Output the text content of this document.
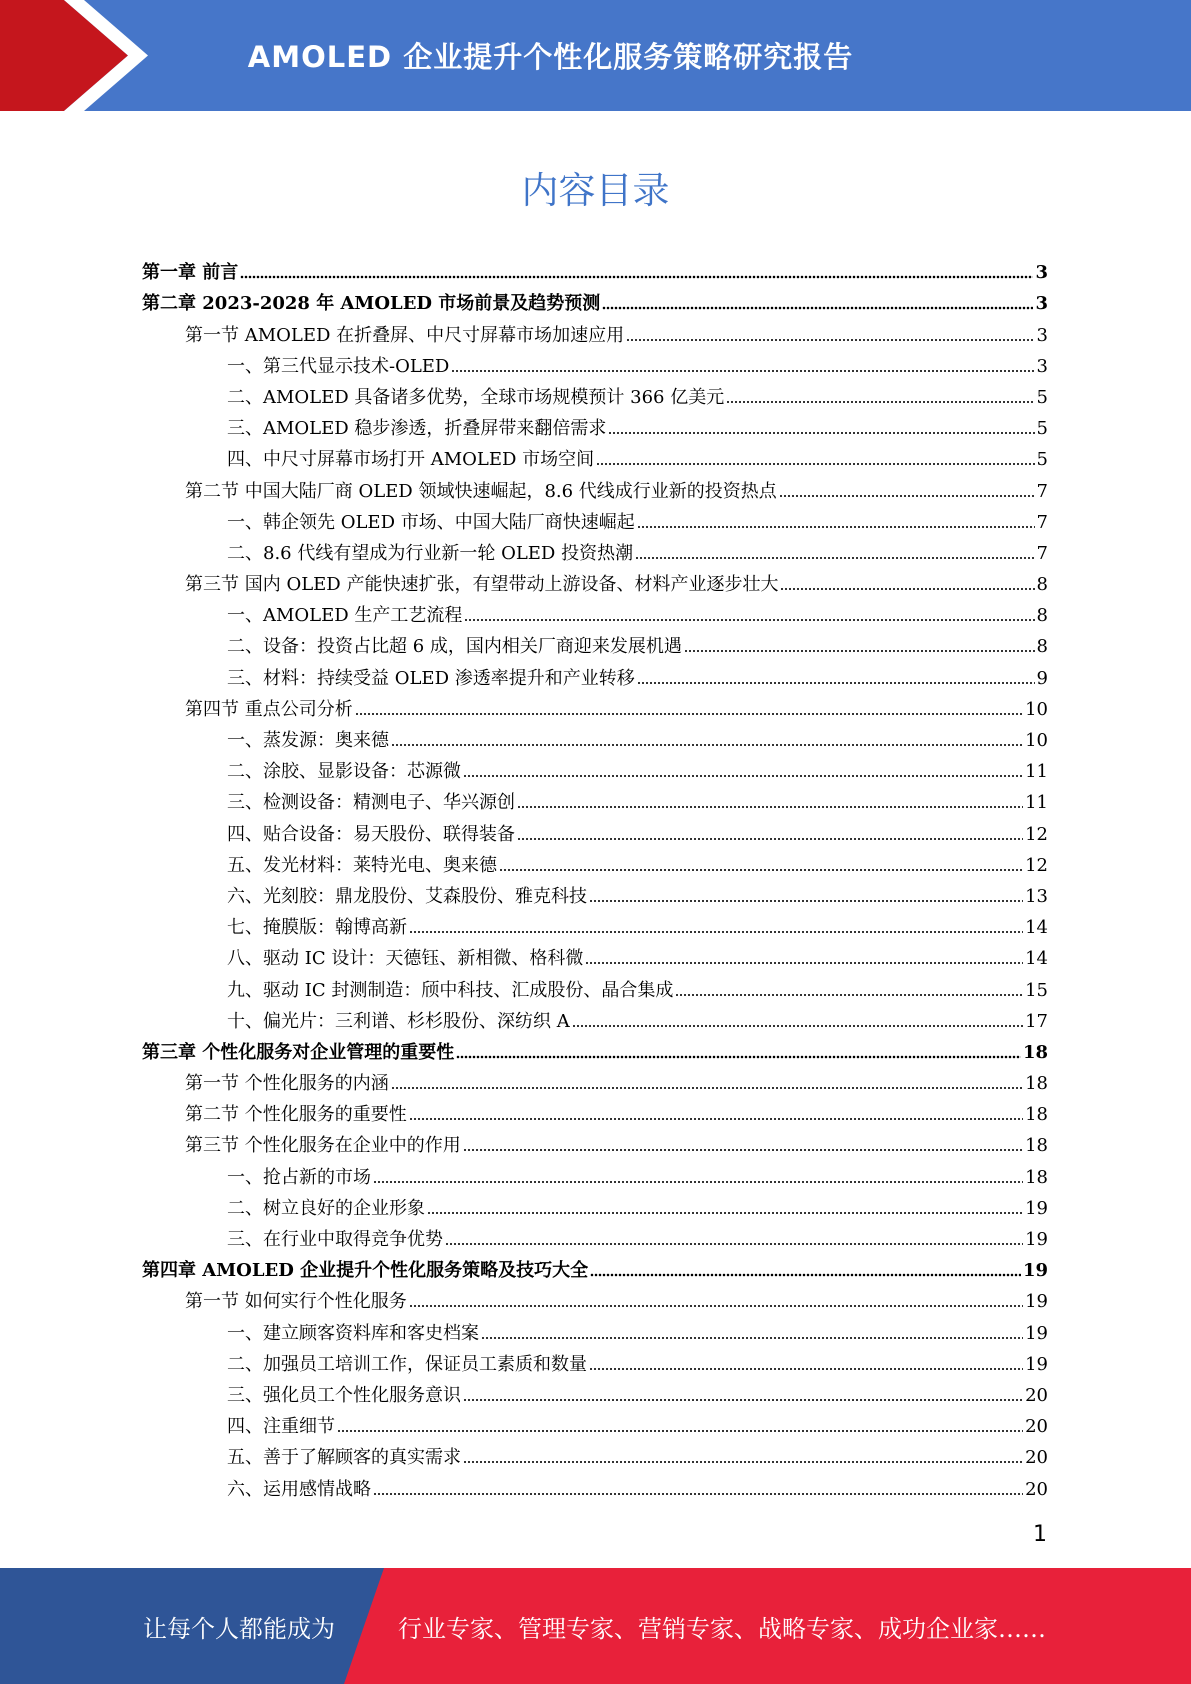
AMOLED 企业提升个性化服务策略研究报告
内容目录
第一章 前言	3
第二章 2023-2028 年 AMOLED 市场前景及趋势预测	3
第一节 AMOLED 在折叠屏、中尺寸屏幕市场加速应用	3
一、第三代显示技术-OLED	3
二、AMOLED 具备诸多优势，全球市场规模预计 366 亿美元	5
三、AMOLED 稳步渗透，折叠屏带来翻倍需求	5
四、中尺寸屏幕市场打开 AMOLED 市场空间	5
第二节 中国大陆厂商 OLED 领域快速崛起，8.6 代线成行业新的投资热点	7
一、韩企领先 OLED 市场、中国大陆厂商快速崛起	7
二、8.6 代线有望成为行业新一轮 OLED 投资热潮	7
第三节 国内 OLED 产能快速扩张，有望带动上游设备、材料产业逐步壮大	8
一、AMOLED 生产工艺流程	8
二、设备：投资占比超 6 成，国内相关厂商迎来发展机遇	8
三、材料：持续受益 OLED 渗透率提升和产业转移	9
第四节 重点公司分析	10
一、蒸发源：奥来德	10
二、涂胶、显影设备：芯源微	11
三、检测设备：精测电子、华兴源创	11
四、贴合设备：易天股份、联得装备	12
五、发光材料：莱特光电、奥来德	12
六、光刻胶：鼎龙股份、艾森股份、雅克科技	13
七、掩膜版：翰博高新	14
八、驱动 IC 设计：天德钰、新相微、格科微	14
九、驱动 IC 封测制造：颀中科技、汇成股份、晶合集成	15
十、偏光片：三利谱、杉杉股份、深纺织 A	17
第三章 个性化服务对企业管理的重要性	18
第一节 个性化服务的内涵	18
第二节 个性化服务的重要性	18
第三节 个性化服务在企业中的作用	18
一、抢占新的市场	18
二、树立良好的企业形象	19
三、在行业中取得竞争优势	19
第四章 AMOLED 企业提升个性化服务策略及技巧大全	19
第一节 如何实行个性化服务	19
一、建立顾客资料库和客史档案	19
二、加强员工培训工作，保证员工素质和数量	19
三、强化员工个性化服务意识	20
四、注重细节	20
五、善于了解顾客的真实需求	20
六、运用感情战略	20
1
让每个人都能成为	行业专家、管理专家、营销专家、战略专家、成功企业家……
